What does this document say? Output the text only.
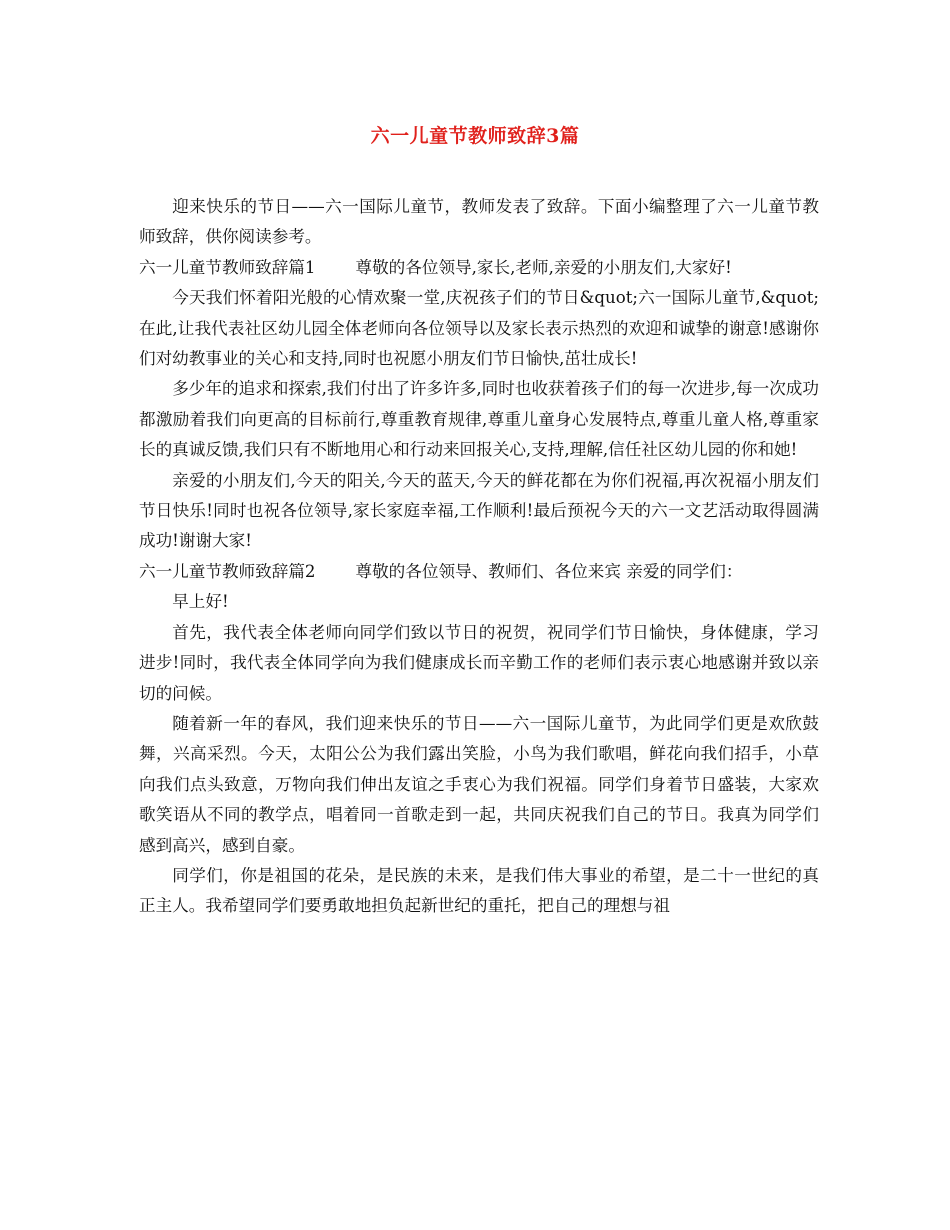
六一儿童节教师致辞3篇

迎来快乐的节日——六一国际儿童节，教师发表了致辞。下面小编整理了六一儿童节教师致辞，供你阅读参考。

六一儿童节教师致辞篇1 尊敬的各位领导,家长,老师,亲爱的小朋友们,大家好!

今天我们怀着阳光般的心情欢聚一堂,庆祝孩子们的节日&quot;六一国际儿童节,&quot;在此,让我代表社区幼儿园全体老师向各位领导以及家长表示热烈的欢迎和诚挚的谢意!感谢你们对幼教事业的关心和支持,同时也祝愿小朋友们节日愉快,茁壮成长!

多少年的追求和探索,我们付出了许多许多,同时也收获着孩子们的每一次进步,每一次成功都激励着我们向更高的目标前行,尊重教育规律,尊重儿童身心发展特点,尊重儿童人格,尊重家长的真诚反馈,我们只有不断地用心和行动来回报关心,支持,理解,信任社区幼儿园的你和她!

亲爱的小朋友们,今天的阳关,今天的蓝天,今天的鲜花都在为你们祝福,再次祝福小朋友们节日快乐!同时也祝各位领导,家长家庭幸福,工作顺利!最后预祝今天的六一文艺活动取得圆满成功!谢谢大家!

六一儿童节教师致辞篇2 尊敬的各位领导、教师们、各位来宾 亲爱的同学们：

早上好!

首先，我代表全体老师向同学们致以节日的祝贺，祝同学们节日愉快，身体健康，学习进步!同时，我代表全体同学向为我们健康成长而辛勤工作的老师们表示衷心地感谢并致以亲切的问候。

随着新一年的春风，我们迎来快乐的节日——六一国际儿童节，为此同学们更是欢欣鼓舞，兴高采烈。今天，太阳公公为我们露出笑脸，小鸟为我们歌唱，鲜花向我们招手，小草向我们点头致意，万物向我们伸出友谊之手衷心为我们祝福。同学们身着节日盛装，大家欢歌笑语从不同的教学点，唱着同一首歌走到一起，共同庆祝我们自己的节日。我真为同学们感到高兴，感到自豪。

同学们，你是祖国的花朵，是民族的未来，是我们伟大事业的希望，是二十一世纪的真正主人。我希望同学们要勇敢地担负起新世纪的重托，把自己的理想与祖
